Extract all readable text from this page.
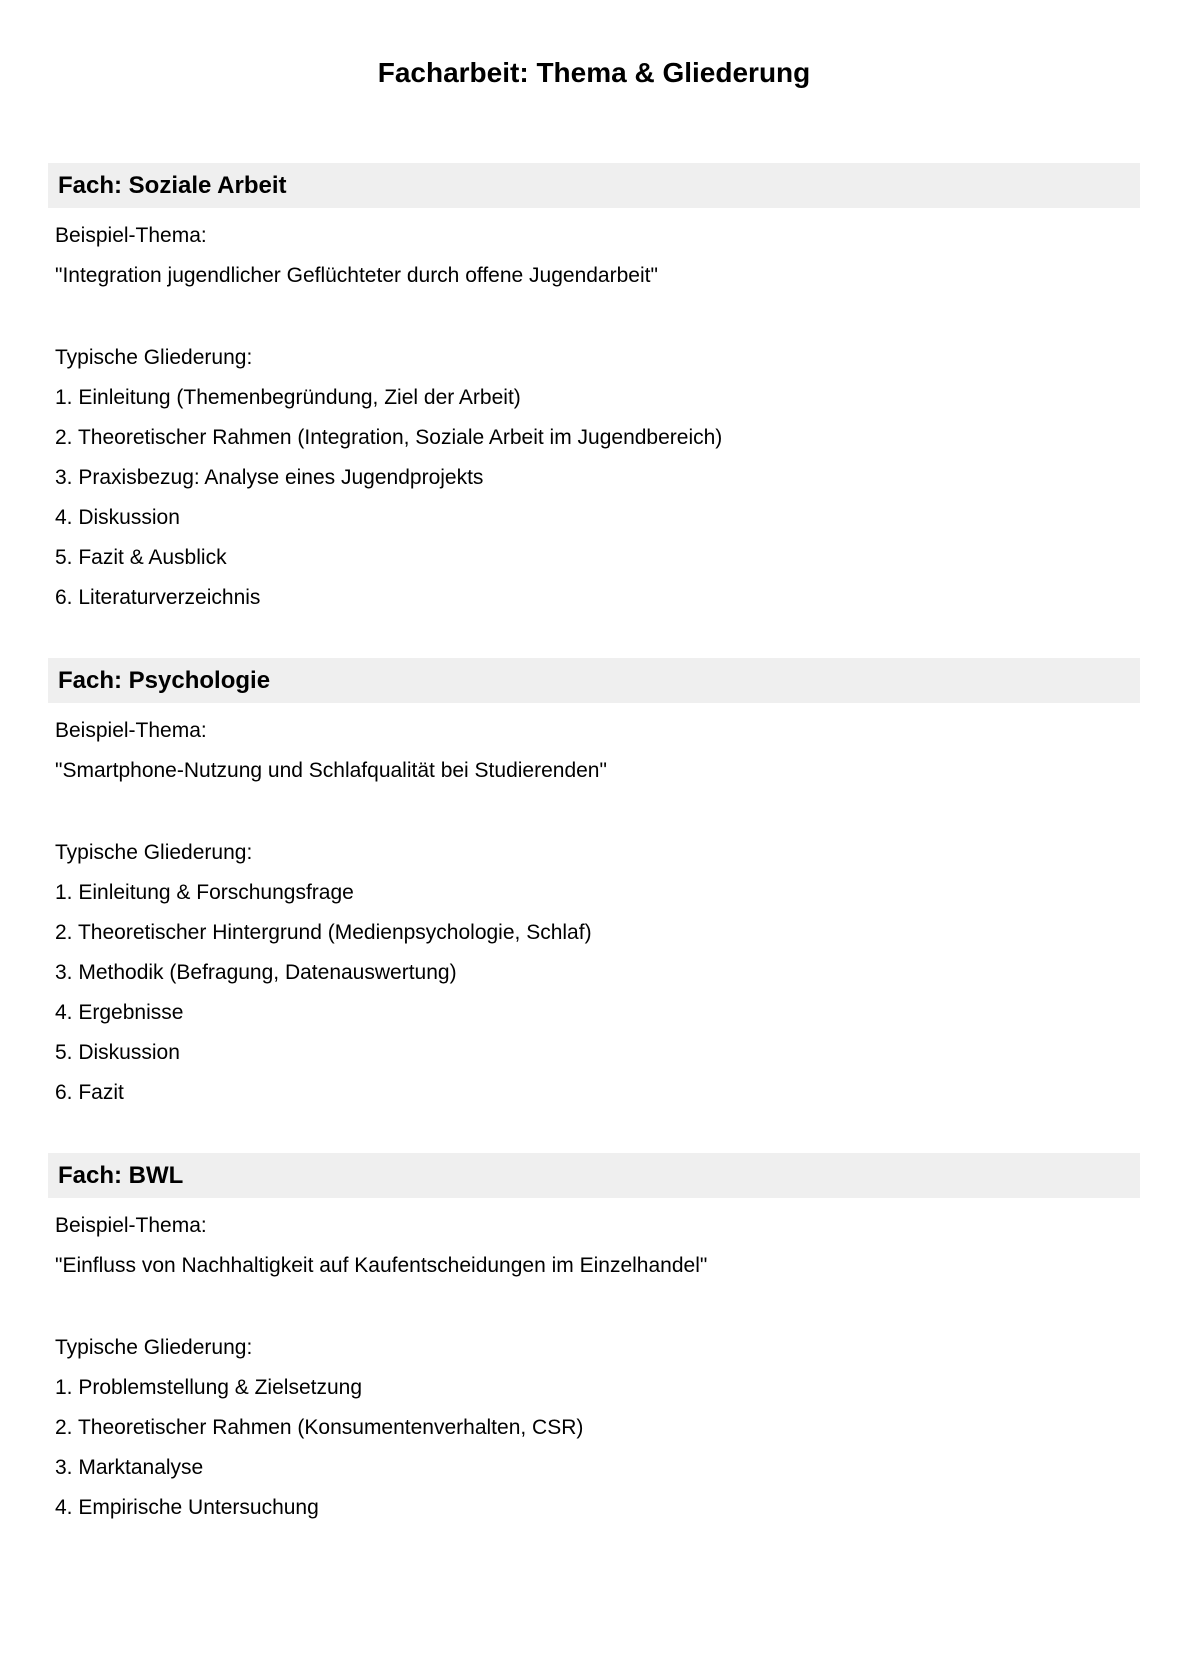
Facharbeit: Thema & Gliederung
Fach: Soziale Arbeit

Beispiel-Thema:

"Integration jugendlicher Geflüchteter durch offene Jugendarbeit"

Typische Gliederung:

1. Einleitung (Themenbegründung, Ziel der Arbeit)

2. Theoretischer Rahmen (Integration, Soziale Arbeit im Jugendbereich)

3. Praxisbezug: Analyse eines Jugendprojekts

4. Diskussion

5. Fazit & Ausblick

6. Literaturverzeichnis

Fach: Psychologie

Beispiel-Thema:

"Smartphone-Nutzung und Schlafqualität bei Studierenden"

Typische Gliederung:

1. Einleitung & Forschungsfrage

2. Theoretischer Hintergrund (Medienpsychologie, Schlaf)

3. Methodik (Befragung, Datenauswertung)

4. Ergebnisse

5. Diskussion

6. Fazit

Fach: BWL

Beispiel-Thema:

"Einfluss von Nachhaltigkeit auf Kaufentscheidungen im Einzelhandel"

Typische Gliederung:

1. Problemstellung & Zielsetzung

2. Theoretischer Rahmen (Konsumentenverhalten, CSR)

3. Marktanalyse

4. Empirische Untersuchung
